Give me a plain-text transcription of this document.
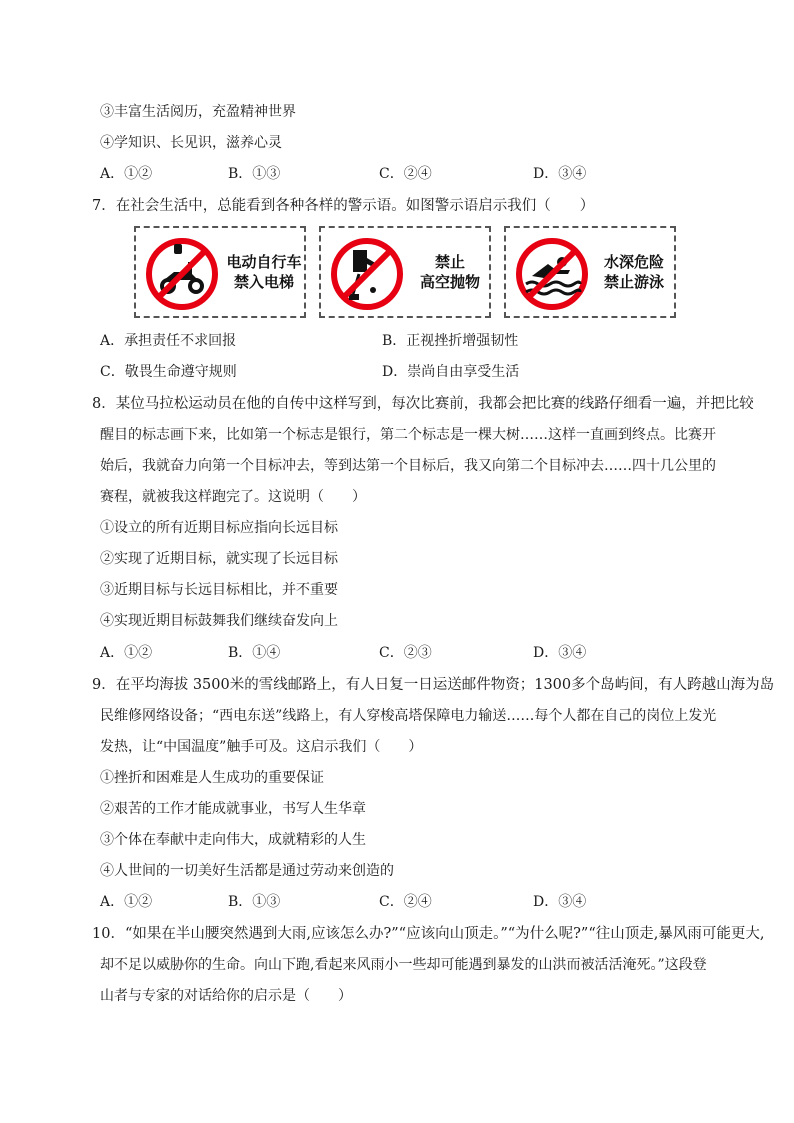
③丰富生活阅历，充盈精神世界
④学知识、长见识，滋养心灵
A．①②	B．①③	C．②④	D．③④
7．在社会生活中，总能看到各种各样的警示语。如图警示语启示我们（　　）
电动自行车
禁入电梯
禁止
高空抛物
水深危险
禁止游泳
A．承担责任不求回报	B．正视挫折增强韧性
C．敬畏生命遵守规则	D．崇尚自由享受生活
8．某位马拉松运动员在他的自传中这样写到，每次比赛前，我都会把比赛的线路仔细看一遍，并把比较
醒目的标志画下来，比如第一个标志是银行，第二个标志是一棵大树……这样一直画到终点。比赛开
始后，我就奋力向第一个目标冲去，等到达第一个目标后，我又向第二个目标冲去……四十几公里的
赛程，就被我这样跑完了。这说明（　　）
①设立的所有近期目标应指向长远目标
②实现了近期目标，就实现了长远目标
③近期目标与长远目标相比，并不重要
④实现近期目标鼓舞我们继续奋发向上
A．①②	B．①④	C．②③	D．③④
9．在平均海拔 3500米的雪线邮路上，有人日复一日运送邮件物资；1300多个岛屿间，有人跨越山海为岛
民维修网络设备；“西电东送”线路上，有人穿梭高塔保障电力输送……每个人都在自己的岗位上发光
发热，让“中国温度”触手可及。这启示我们（　　）
①挫折和困难是人生成功的重要保证
②艰苦的工作才能成就事业，书写人生华章
③个体在奉献中走向伟大，成就精彩的人生
④人世间的一切美好生活都是通过劳动来创造的
A．①②	B．①③	C．②④	D．③④
10．“如果在半山腰突然遇到大雨,应该怎么办?”“应该向山顶走。”“为什么呢?”“往山顶走,暴风雨可能更大,
却不足以威胁你的生命。向山下跑,看起来风雨小一些却可能遇到暴发的山洪而被活活淹死。”这段登
山者与专家的对话给你的启示是（　　）
